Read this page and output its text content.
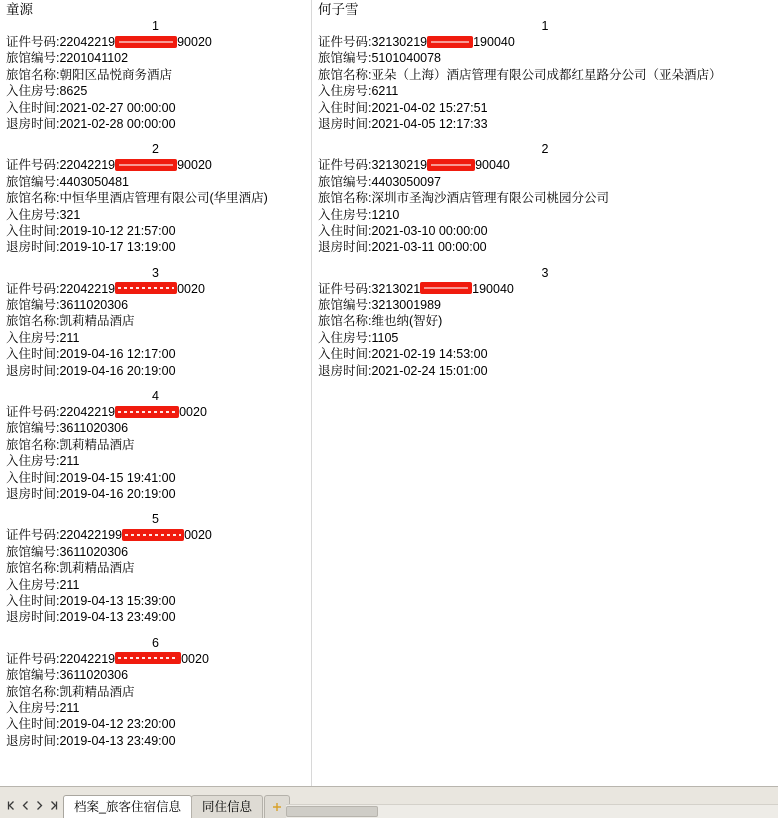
童源
1
证件号码:22042219	90020
旅馆编号:2201041102
旅馆名称:朝阳区品悦商务酒店
入住房号:8625
入住时间:2021-02-27 00:00:00
退房时间:2021-02-28 00:00:00
2
证件号码:22042219	90020
旅馆编号:4403050481
旅馆名称:中恒华里酒店管理有限公司(华里酒店)
入住房号:321
入住时间:2019-10-12 21:57:00
退房时间:2019-10-17 13:19:00
3
证件号码:22042219	0020
旅馆编号:3611020306
旅馆名称:凯莉精品酒店
入住房号:211
入住时间:2019-04-16 12:17:00
退房时间:2019-04-16 20:19:00
4
证件号码:22042219	0020
旅馆编号:3611020306
旅馆名称:凯莉精品酒店
入住房号:211
入住时间:2019-04-15 19:41:00
退房时间:2019-04-16 20:19:00
5
证件号码:220422199	0020
旅馆编号:3611020306
旅馆名称:凯莉精品酒店
入住房号:211
入住时间:2019-04-13 15:39:00
退房时间:2019-04-13 23:49:00
6
证件号码:22042219	0020
旅馆编号:3611020306
旅馆名称:凯莉精品酒店
入住房号:211
入住时间:2019-04-12 23:20:00
退房时间:2019-04-13 23:49:00
何子雪
1
证件号码:32130219	190040
旅馆编号:5101040078
旅馆名称:亚朵（上海）酒店管理有限公司成都红星路分公司（亚朵酒店）
入住房号:6211
入住时间:2021-04-02 15:27:51
退房时间:2021-04-05 12:17:33
2
证件号码:32130219	90040
旅馆编号:4403050097
旅馆名称:深圳市圣淘沙酒店管理有限公司桃园分公司
入住房号:1210
入住时间:2021-03-10 00:00:00
退房时间:2021-03-11 00:00:00
3
证件号码:3213021	190040
旅馆编号:3213001989
旅馆名称:维也纳(智好)
入住房号:1105
入住时间:2021-02-19 14:53:00
退房时间:2021-02-24 15:01:00
档案_旅客住宿信息	同住信息
